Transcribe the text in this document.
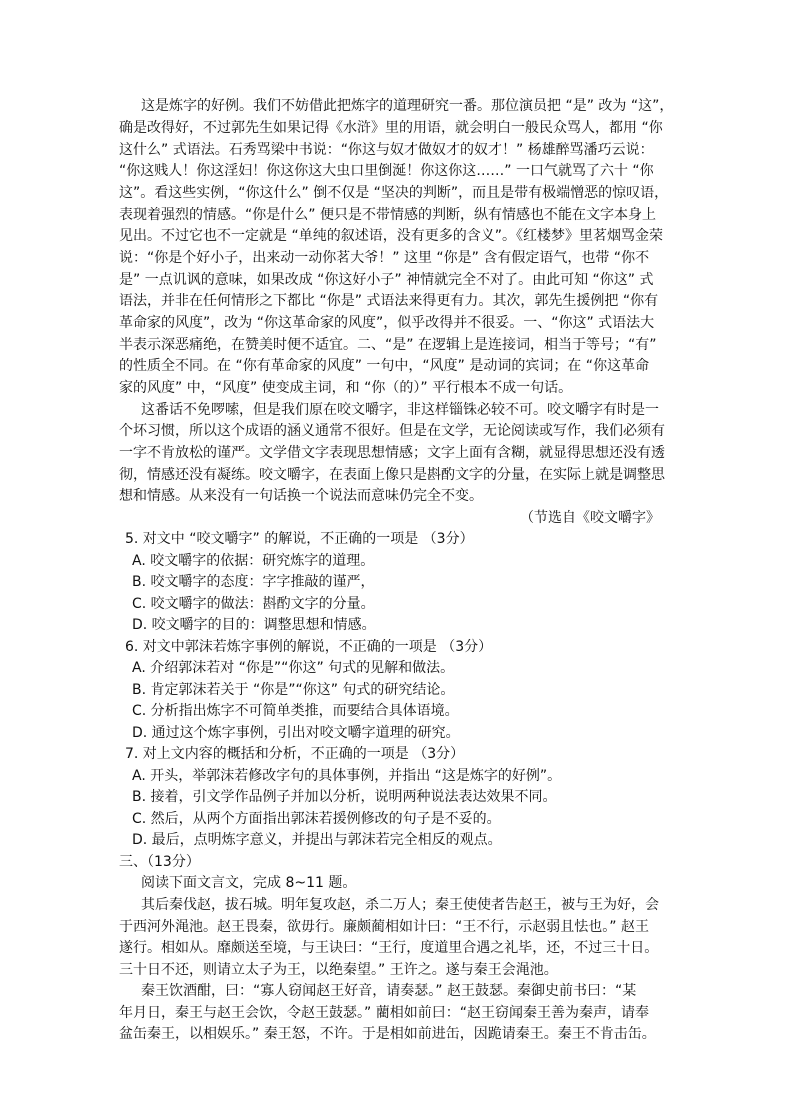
这是炼字的好例。我们不妨借此把炼字的道理研究一番。那位演员把 “是” 改为 “这”，
确是改得好，不过郭先生如果记得《水浒》里的用语，就会明白一般民众骂人，都用 “你
这什么” 式语法。石秀骂梁中书说：“你这与奴才做奴才的奴才！” 杨雄醉骂潘巧云说：
“你这贱人！你这淫妇！你这你这大虫口里倒涎！你这你这……” 一口气就骂了六十 “你
这”。看这些实例，“你这什么” 倒不仅是 “坚决的判断”，而且是带有极端憎恶的惊叹语，
表现着强烈的情感。“你是什么” 便只是不带情感的判断，纵有情感也不能在文字本身上
见出。不过它也不一定就是 “单纯的叙述语，没有更多的含义”。《红楼梦》里茗烟骂金荣
说：“你是个好小子，出来动一动你茗大爷！” 这里 “你是” 含有假定语气，也带 “你不
是” 一点讥讽的意味，如果改成 “你这好小子” 神情就完全不对了。由此可知 “你这” 式
语法，并非在任何情形之下都比 “你是” 式语法来得更有力。其次，郭先生援例把 “你有
革命家的风度”，改为 “你这革命家的风度”，似乎改得并不很妥。一、“你这” 式语法大
半表示深恶痛绝，在赞美时便不适宜。二、“是” 在逻辑上是连接词，相当于等号；“有”
的性质全不同。在 “你有革命家的风度” 一句中，“风度” 是动词的宾词；在 “你这革命
家的风度” 中，“风度” 使变成主词，和 “你（的）” 平行根本不成一句话。
这番话不免啰嗦，但是我们原在咬文嚼字，非这样锱铢必较不可。咬文嚼字有时是一
个坏习惯，所以这个成语的涵义通常不很好。但是在文学，无论阅读或写作，我们必须有
一字不肯放松的谨严。文学借文字表现思想情感；文字上面有含糊，就显得思想还没有透
彻，情感还没有凝练。咬文嚼字，在表面上像只是斟酌文字的分量，在实际上就是调整思
想和情感。从来没有一句话换一个说法而意味仍完全不变。
（节选自《咬文嚼字》
5. 对文中 “咬文嚼字” 的解说，不正确的一项是 （3分）
A. 咬文嚼字的依据：研究炼字的道理。
B. 咬文嚼字的态度：字字推敲的谨严，
C. 咬文嚼字的做法：斟酌文字的分量。
D. 咬文嚼字的目的：调整思想和情感。
6. 对文中郭沫若炼字事例的解说，不正确的一项是 （3分）
A. 介绍郭沫若对 “你是”“你这” 句式的见解和做法。
B. 肯定郭沫若关于 “你是”“你这” 句式的研究结论。
C. 分析指出炼字不可简单类推，而要结合具体语境。
D. 通过这个炼字事例，引出对咬文嚼字道理的研究。
7. 对上文内容的概括和分析，不正确的一项是 （3分）
A. 开头，举郭沫若修改字句的具体事例，并指出 “这是炼字的好例”。
B. 接着，引文学作品例子并加以分析，说明两种说法表达效果不同。
C. 然后，从两个方面指出郭沫若援例修改的句子是不妥的。
D. 最后，点明炼字意义，并提出与郭沫若完全相反的观点。
三、（13分）
阅读下面文言文，完成 8~11 题。
其后秦伐赵，拔石城。明年复攻赵，杀二万人；秦王使使者告赵王，被与王为好，会
于西河外渑池。赵王畏秦，欲毋行。廉颇蔺相如计曰：“王不行，示赵弱且怯也。” 赵王
遂行。相如从。靡颇送至境，与王诀曰：“王行，度道里合遇之礼毕，还，不过三十日。
三十日不还，则请立太子为王，以绝秦望。” 王许之。遂与秦王会渑池。
秦王饮酒酣，曰：“寡人窃闻赵王好音，请奏瑟。” 赵王鼓瑟。秦御史前书曰：“某
年月日，秦王与赵王会饮，令赵王鼓瑟。” 藺相如前曰：“赵王窃闻秦王善为秦声，请奉
盆缶秦王，以相娱乐。” 秦王怒，不许。于是相如前进缶，因跪请秦王。秦王不肯击缶。
